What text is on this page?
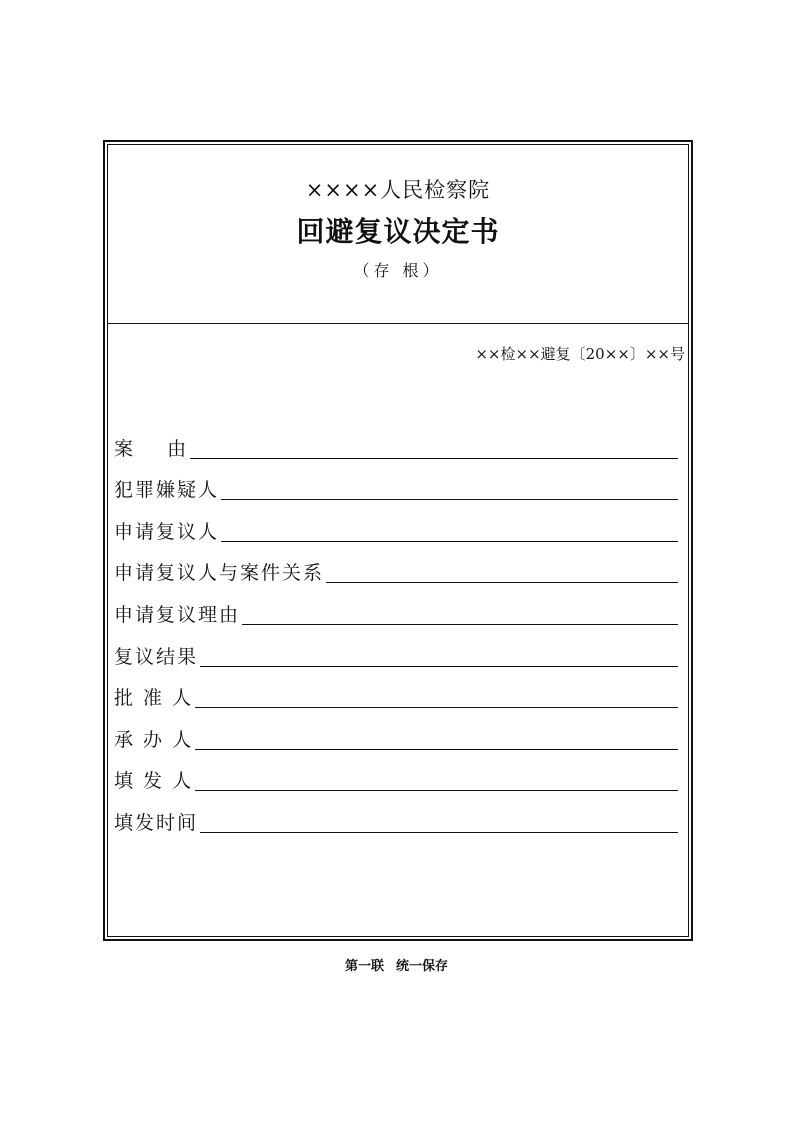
××××人民检察院
回避复议决定书
（存 根）
××检××避复〔20××〕××号
案    由
犯罪嫌疑人
申请复议人
申请复议人与案件关系
申请复议理由
复议结果
批 准 人
承 办 人
填 发 人
填发时间
第一联 统一保存
